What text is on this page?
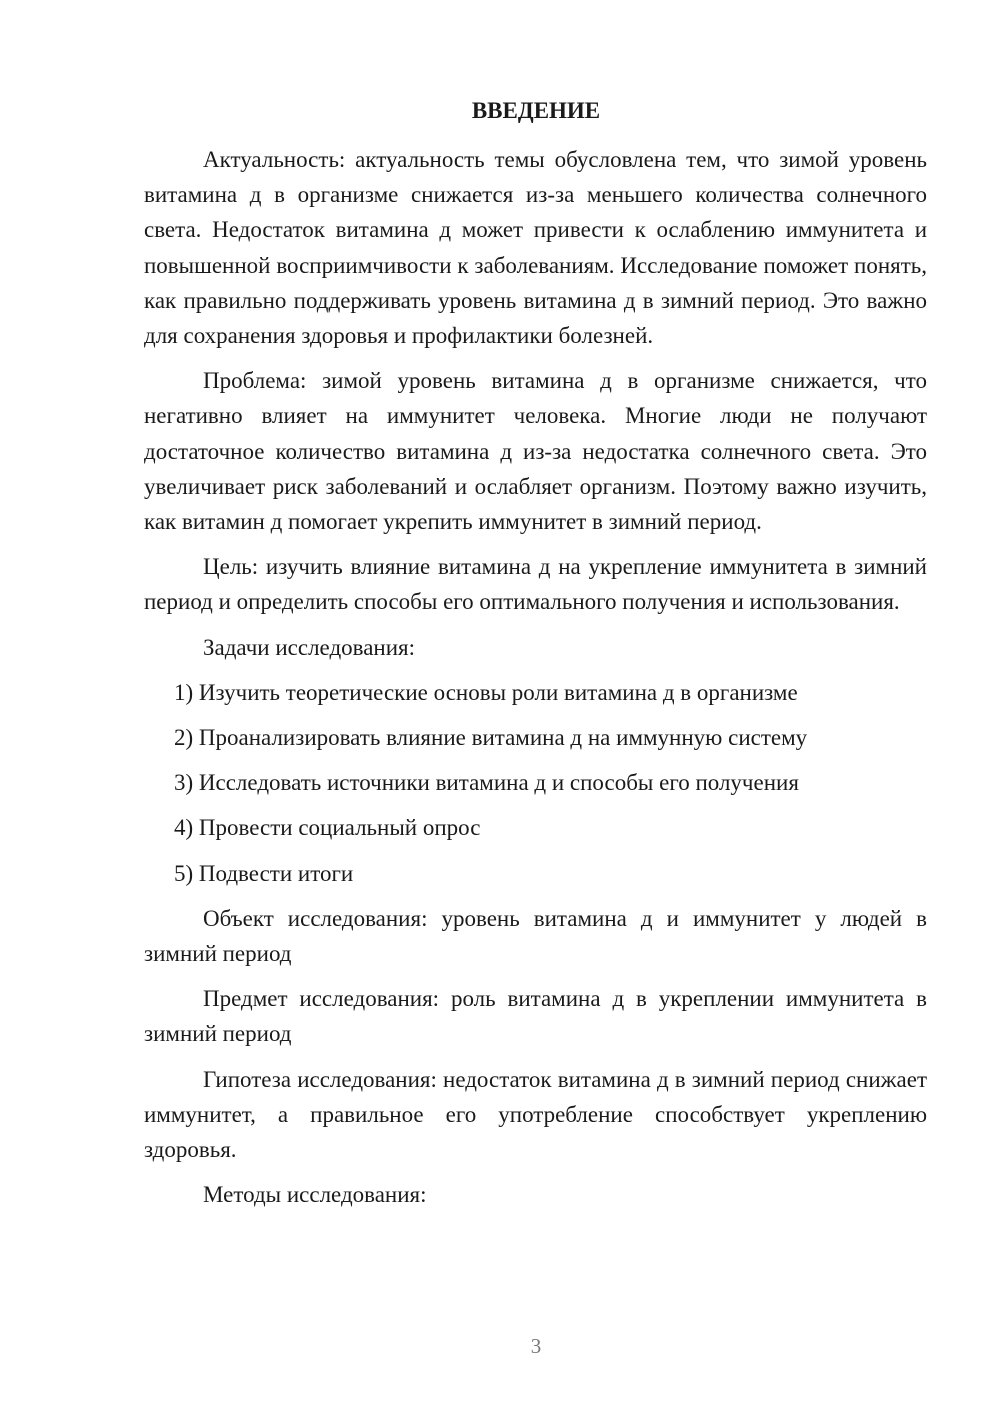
ВВЕДЕНИЕ

Актуальность: актуальность темы обусловлена тем, что зимой уровень витамина д в организме снижается из-за меньшего количества солнечного света. Недостаток витамина д может привести к ослаблению иммунитета и повышенной восприимчивости к заболеваниям. Исследование поможет понять, как правильно поддерживать уровень витамина д в зимний период. Это важно для сохранения здоровья и профилактики болезней.

Проблема: зимой уровень витамина д в организме снижается, что негативно влияет на иммунитет человека. Многие люди не получают достаточное количество витамина д из-за недостатка солнечного света. Это увеличивает риск заболеваний и ослабляет организм. Поэтому важно изучить, как витамин д помогает укрепить иммунитет в зимний период.

Цель: изучить влияние витамина д на укрепление иммунитета в зимний период и определить способы его оптимального получения и использования.

Задачи исследования:

1) Изучить теоретические основы роли витамина д в организме
2) Проанализировать влияние витамина д на иммунную систему
3) Исследовать источники витамина д и способы его получения
4) Провести социальный опрос
5) Подвести итоги

Объект исследования: уровень витамина д и иммунитет у людей в зимний период

Предмет исследования: роль витамина д в укреплении иммунитета в зимний период

Гипотеза исследования: недостаток витамина д в зимний период снижает иммунитет, а правильное его употребление способствует укреплению здоровья.

Методы исследования:

3
